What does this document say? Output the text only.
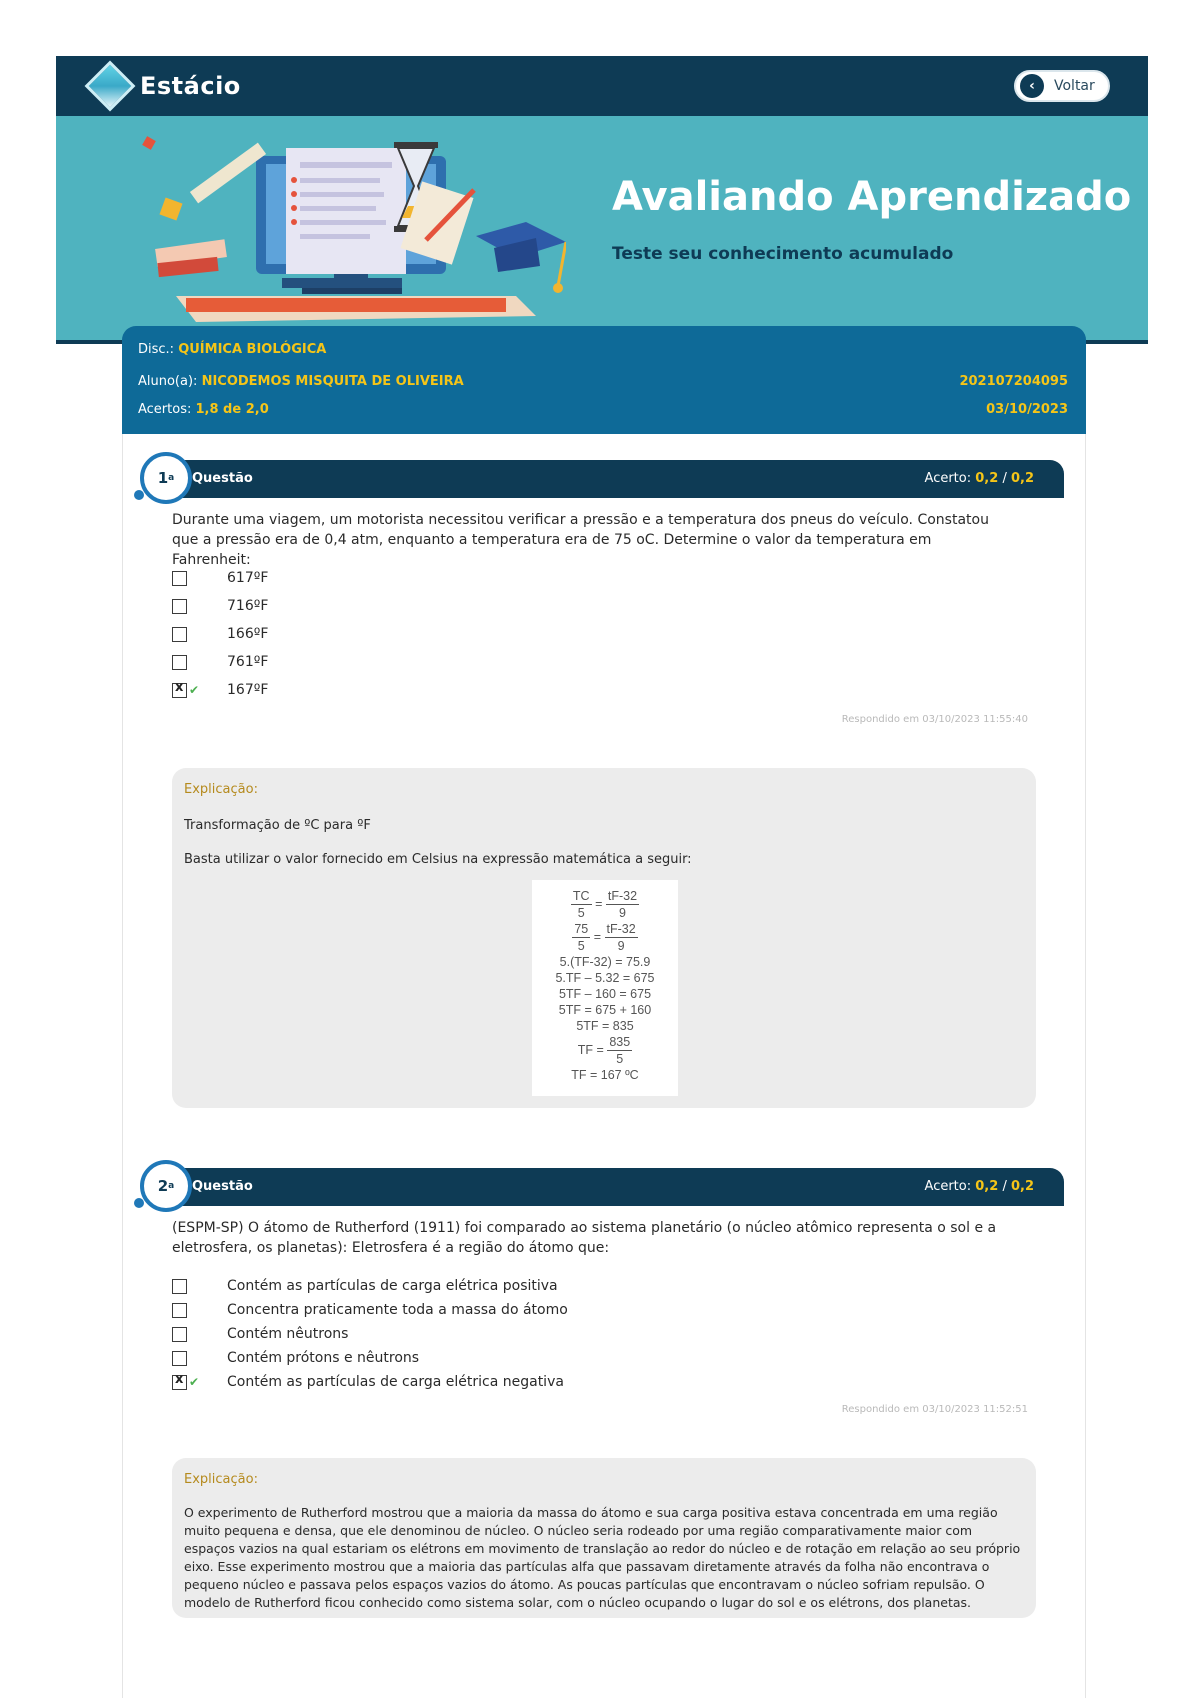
Estácio	‹	Voltar
Avaliando Aprendizado
Teste seu conhecimento acumulado
Disc.: QUÍMICA BIOLÓGICA
Aluno(a): NICODEMOS MISQUITA DE OLIVEIRA	202107204095
Acertos: 1,8 de 2,0	03/10/2023
Questão	Acerto: 0,2 / 0,2
1 a
Durante uma viagem, um motorista necessitou verificar a pressão e a temperatura dos pneus do veículo. Constatou que a pressão era de 0,4 atm, enquanto a temperatura era de 75 oC. Determine o valor da temperatura em Fahrenheit:
617ºF
716ºF
166ºF
761ºF
x
✔ 167ºF
Respondido em 03/10/2023 11:55:40
Explicação:

Transformação de ºC para ºF

Basta utilizar o valor fornecido em Celsius na expressão matemática a seguir:

$\frac{TC}{5} = \frac{tF-32}{9}$
$\frac{75}{5} = \frac{tF-32}{9}$
5.(TF-32) = 75.9
5.TF – 5.32 = 675
5TF – 160 = 675
5TF = 675 + 160
5TF = 835
TF = $\frac{835}{5}$
TF = 167 ºC
Questão	Acerto: 0,2 / 0,2
2 a
(ESPM-SP) O átomo de Rutherford (1911) foi comparado ao sistema planetário (o núcleo atômico representa o sol e a eletrosfera, os planetas): Eletrosfera é a região do átomo que:
Contém as partículas de carga elétrica positiva
Concentra praticamente toda a massa do átomo
Contém nêutrons
Contém prótons e nêutrons
x
✔ Contém as partículas de carga elétrica negativa
Respondido em 03/10/2023 11:52:51
Explicação:

O experimento de Rutherford mostrou que a maioria da massa do átomo e sua carga positiva estava concentrada em uma região muito pequena e densa, que ele denominou de núcleo. O núcleo seria rodeado por uma região comparativamente maior com espaços vazios na qual estariam os elétrons em movimento de translação ao redor do núcleo e de rotação em relação ao seu próprio eixo. Esse experimento mostrou que a maioria das partículas alfa que passavam diretamente através da folha não encontrava o pequeno núcleo e passava pelos espaços vazios do átomo. As poucas partículas que encontravam o núcleo sofriam repulsão. O modelo de Rutherford ficou conhecido como sistema solar, com o núcleo ocupando o lugar do sol e os elétrons, dos planetas.
